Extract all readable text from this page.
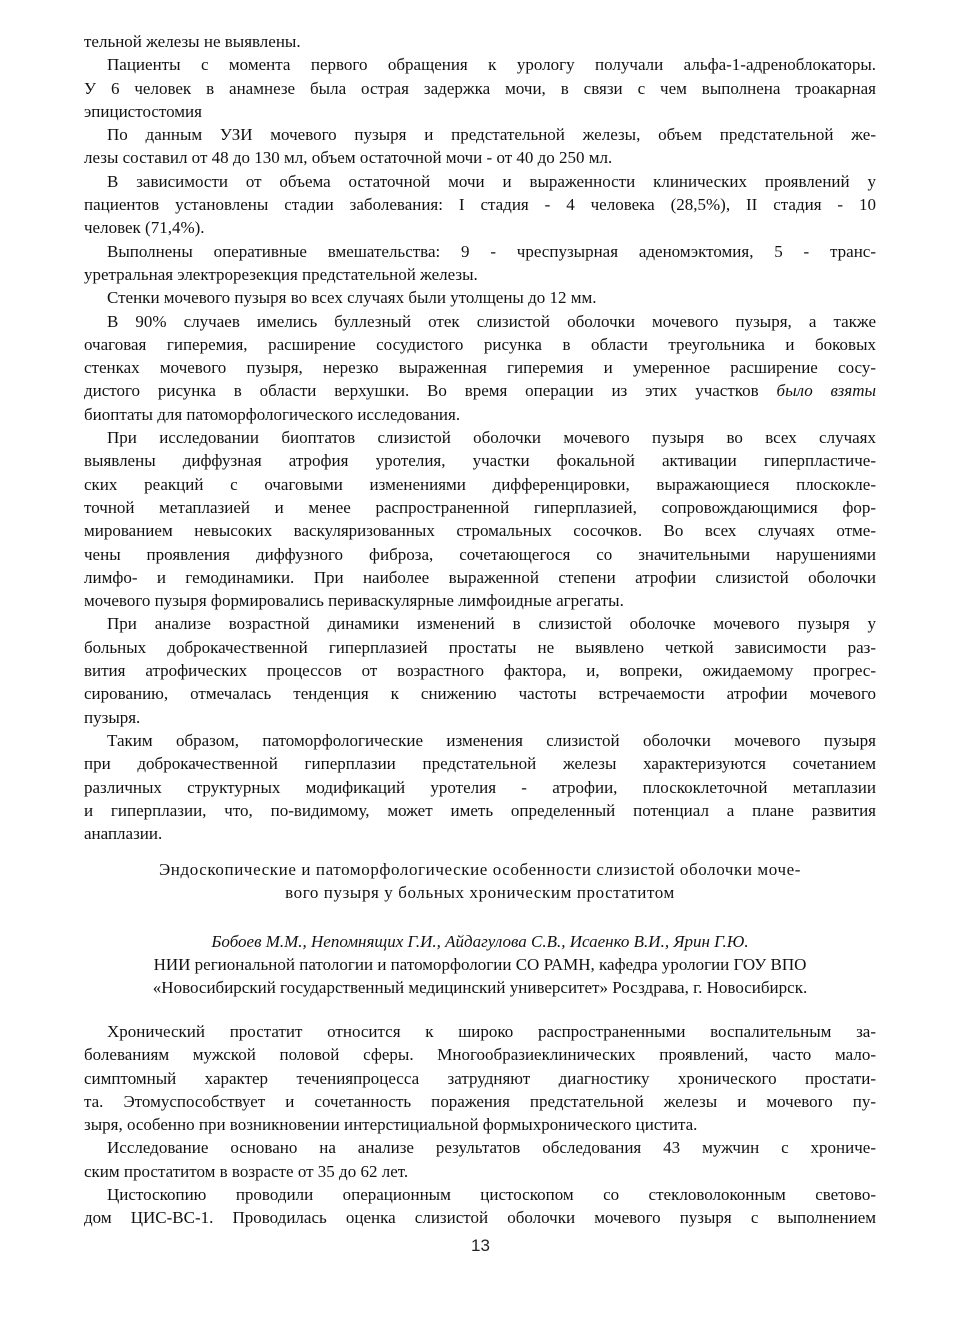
тельной железы не выявлены.
Пациенты с момента первого обращения к урологу получали альфа-1-адреноблокаторы.
У 6 человек в анамнезе была острая задержка мочи, в связи с чем выполнена троакарная
эпицистостомия
По данным УЗИ мочевого пузыря и предстательной железы, объем предстательной же-
лезы составил от 48 до 130 мл, объем остаточной мочи - от 40 до 250 мл.
В зависимости от объема остаточной мочи и выраженности клинических проявлений у
пациентов установлены стадии заболевания: I стадия - 4 человека (28,5%), II стадия - 10
человек (71,4%).
Выполнены оперативные вмешательства: 9 - чреспузырная аденомэктомия, 5 - транс-
уретральная электрорезекция предстательной железы.
Стенки мочевого пузыря во всех случаях были утолщены до 12 мм.
В 90% случаев имелись буллезный отек слизистой оболочки мочевого пузыря, а также
очаговая гиперемия, расширение сосудистого рисунка в области треугольника и боковых
стенках мочевого пузыря, нерезко выраженная гиперемия и умеренное расширение сосу-
дистого рисунка в области верхушки. Во время операции из этих участков было взяты
биоптаты для патоморфологического исследования.
При исследовании биоптатов слизистой оболочки мочевого пузыря во всех случаях
выявлены диффузная атрофия уротелия, участки фокальной активации гиперпластиче-
ских реакций с очаговыми изменениями дифференцировки, выражающиеся плоскокле-
точной метаплазией и менее распространенной гиперплазией, сопровождающимися фор-
мированием невысоких васкуляризованных стромальных сосочков. Во всех случаях отме-
чены проявления диффузного фиброза, сочетающегося со значительными нарушениями
лимфо- и гемодинамики. При наиболее выраженной степени атрофии слизистой оболочки
мочевого пузыря формировались периваскулярные лимфоидные агрегаты.
При анализе возрастной динамики изменений в слизистой оболочке мочевого пузыря у
больных доброкачественной гиперплазией простаты не выявлено четкой зависимости раз-
вития атрофических процессов от возрастного фактора, и, вопреки, ожидаемому прогрес-
сированию, отмечалась тенденция к снижению частоты встречаемости атрофии мочевого
пузыря.
Таким образом, патоморфологические изменения слизистой оболочки мочевого пузыря
при доброкачественной гиперплазии предстательной железы характеризуются сочетанием
различных структурных модификаций уротелия - атрофии, плоскоклеточной метаплазии
и гиперплазии, что, по-видимому, может иметь определенный потенциал а плане развития
анаплазии.
Эндоскопические и патоморфологические особенности слизистой оболочки моче-
вого пузыря у больных хроническим простатитом
Бобоев М.М., Непомнящих Г.И., Айдагулова С.В., Исаенко В.И., Ярин Г.Ю.
НИИ региональной патологии и патоморфологии СО РАМН, кафедра урологии ГОУ ВПО
«Новосибирский государственный медицинский университет» Росздрава, г. Новосибирск.
Хронический простатит относится к широко распространенными воспалительным за-
болеваниям мужской половой сферы. Многообразиеклинических проявлений, часто мало-
симптомный характер теченияпроцесса затрудняют диагностику хронического простати-
та. Этомуспособствует и сочетанность поражения предстательной железы и мочевого пу-
зыря, особенно при возникновении интерстициальной формыхронического цистита.
Исследование основано на анализе результатов обследования 43 мужчин с хрониче-
ским простатитом в возрасте от 35 до 62 лет.
Цистоскопию проводили операционным цистоскопом со стекловолоконным светово-
дом ЦИС-ВС-1. Проводилась оценка слизистой оболочки мочевого пузыря с выполнением
13
